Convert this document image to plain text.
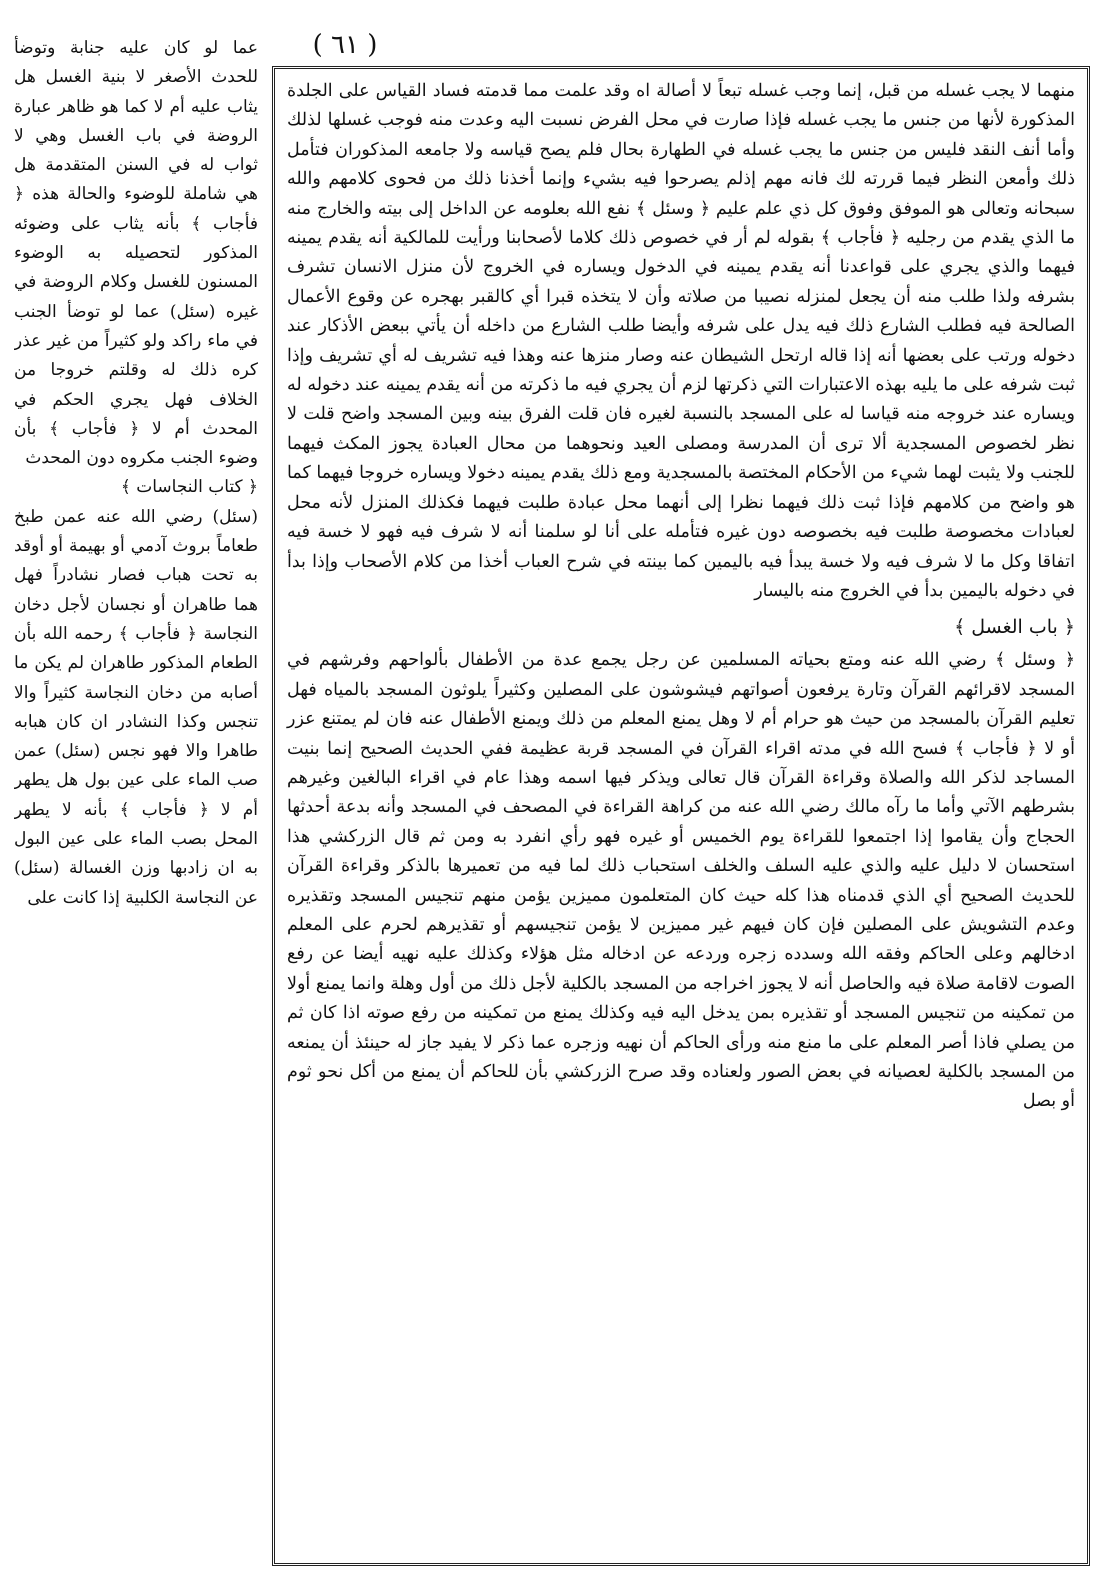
( ٦١ )

منهما لا يجب غسله من قبل، إنما وجب غسله تبعاً لا أصالة اه وقد علمت مما قدمته فساد القياس على الجلدة المذكورة لأنها من جنس ما يجب غسله فإذا صارت في محل الفرض نسبت اليه وعدت منه فوجب غسلها لذلك وأما أنف النقد فليس من جنس ما يجب غسله في الطهارة بحال فلم يصح قياسه ولا جامعه المذكوران فتأمل ذلك وأمعن النظر فيما قررته لك فانه مهم إذلم يصرحوا فيه بشيء وإنما أخذنا ذلك من فحوى كلامهم والله سبحانه وتعالى هو الموفق وفوق كل ذي علم عليم ﴿ وسئل ﴾ نفع الله بعلومه عن الداخل إلى بيته والخارج منه ما الذي يقدم من رجليه ﴿ فأجاب ﴾ بقوله لم أر في خصوص ذلك كلاما لأصحابنا ورأيت للمالكية أنه يقدم يمينه فيهما والذي يجري على قواعدنا أنه يقدم يمينه في الدخول ويساره في الخروج لأن منزل الانسان تشرف بشرفه ولذا طلب منه أن يجعل لمنزله نصيبا من صلاته وأن لا يتخذه قبرا أي كالقبر بهجره عن وقوع الأعمال الصالحة فيه فطلب الشارع ذلك فيه يدل على شرفه وأيضا طلب الشارع من داخله أن يأتي ببعض الأذكار عند دخوله ورتب على بعضها أنه إذا قاله ارتحل الشيطان عنه وصار منزها عنه وهذا فيه تشريف له أي تشريف وإذا ثبت شرفه على ما يليه بهذه الاعتبارات التي ذكرتها لزم أن يجري فيه ما ذكرته من أنه يقدم يمينه عند دخوله له ويساره عند خروجه منه قياسا له على المسجد بالنسبة لغيره فان قلت الفرق بينه وبين المسجد واضح قلت لا نظر لخصوص المسجدية ألا ترى أن المدرسة ومصلى العيد ونحوهما من محال العبادة يجوز المكث فيهما للجنب ولا يثبت لهما شيء من الأحكام المختصة بالمسجدية ومع ذلك يقدم يمينه دخولا ويساره خروجا فيهما كما هو واضح من كلامهم فإذا ثبت ذلك فيهما نظرا إلى أنهما محل عبادة طلبت فيهما فكذلك المنزل لأنه محل لعبادات مخصوصة طلبت فيه بخصوصه دون غيره فتأمله على أنا لو سلمنا أنه لا شرف فيه فهو لا خسة فيه اتفاقا وكل ما لا شرف فيه ولا خسة يبدأ فيه باليمين كما بينته في شرح العباب أخذا من كلام الأصحاب وإذا بدأ في دخوله باليمين بدأ في الخروج منه باليسار

﴿ باب الغسل ﴾

﴿ وسئل ﴾ رضي الله عنه ومتع بحياته المسلمين عن رجل يجمع عدة من الأطفال بألواحهم وفرشهم في المسجد لاقرائهم القرآن وتارة يرفعون أصواتهم فيشوشون على المصلين وكثيراً يلوثون المسجد بالمياه فهل تعليم القرآن بالمسجد من حيث هو حرام أم لا وهل يمنع المعلم من ذلك ويمنع الأطفال عنه فان لم يمتنع عزر أو لا ﴿ فأجاب ﴾ فسح الله في مدته اقراء القرآن في المسجد قربة عظيمة ففي الحديث الصحيح إنما بنيت المساجد لذكر الله والصلاة وقراءة القرآن قال تعالى ويذكر فيها اسمه وهذا عام في اقراء البالغين وغيرهم بشرطهم الآتي وأما ما رآه مالك رضي الله عنه من كراهة القراءة في المصحف في المسجد وأنه بدعة أحدثها الحجاج وأن يقاموا إذا اجتمعوا للقراءة يوم الخميس أو غيره فهو رأي انفرد به ومن ثم قال الزركشي هذا استحسان لا دليل عليه والذي عليه السلف والخلف استحباب ذلك لما فيه من تعميرها بالذكر وقراءة القرآن للحديث الصحيح أي الذي قدمناه هذا كله حيث كان المتعلمون مميزين يؤمن منهم تنجيس المسجد وتقذيره وعدم التشويش على المصلين فإن كان فيهم غير مميزين لا يؤمن تنجيسهم أو تقذيرهم لحرم على المعلم ادخالهم وعلى الحاكم وفقه الله وسدده زجره وردعه عن ادخاله مثل هؤلاء وكذلك عليه نهيه أيضا عن رفع الصوت لاقامة صلاة فيه والحاصل أنه لا يجوز اخراجه من المسجد بالكلية لأجل ذلك من أول وهلة وانما يمنع أولا من تمكينه من تنجيس المسجد أو تقذيره بمن يدخل اليه فيه وكذلك يمنع من تمكينه من رفع صوته اذا كان ثم من يصلي فاذا أصر المعلم على ما منع منه ورأى الحاكم أن نهيه وزجره عما ذكر لا يفيد جاز له حينئذ أن يمنعه من المسجد بالكلية لعصيانه في بعض الصور ولعناده وقد صرح الزركشي بأن للحاكم أن يمنع من أكل نحو ثوم أو بصل

عما لو كان عليه جنابة وتوضأ للحدث الأصغر لا بنية الغسل هل يثاب عليه أم لا كما هو ظاهر عبارة الروضة في باب الغسل وهي لا ثواب له في السنن المتقدمة هل هي شاملة للوضوء والحالة هذه ﴿ فأجاب ﴾ بأنه يثاب على وضوئه المذكور لتحصيله به الوضوء المسنون للغسل وكلام الروضة في غيره (سئل) عما لو توضأ الجنب في ماء راكد ولو كثيراً من غير عذر كره ذلك له وقلتم خروجا من الخلاف فهل يجري الحكم في المحدث أم لا ﴿ فأجاب ﴾ بأن وضوء الجنب مكروه دون المحدث

﴿ كتاب النجاسات ﴾

(سئل) رضي الله عنه عمن طبخ طعاماً بروث آدمي أو بهيمة أو أوقد به تحت هباب فصار نشادراً فهل هما طاهران أو نجسان لأجل دخان النجاسة ﴿ فأجاب ﴾ رحمه الله بأن الطعام المذكور طاهران لم يكن ما أصابه من دخان النجاسة كثيراً والا تنجس وكذا النشادر ان كان هبابه طاهرا والا فهو نجس (سئل) عمن صب الماء على عين بول هل يطهر أم لا ﴿ فأجاب ﴾ بأنه لا يطهر المحل بصب الماء على عين البول به ان زادبها وزن الغسالة (سئل) عن النجاسة الكلبية إذا كانت على
